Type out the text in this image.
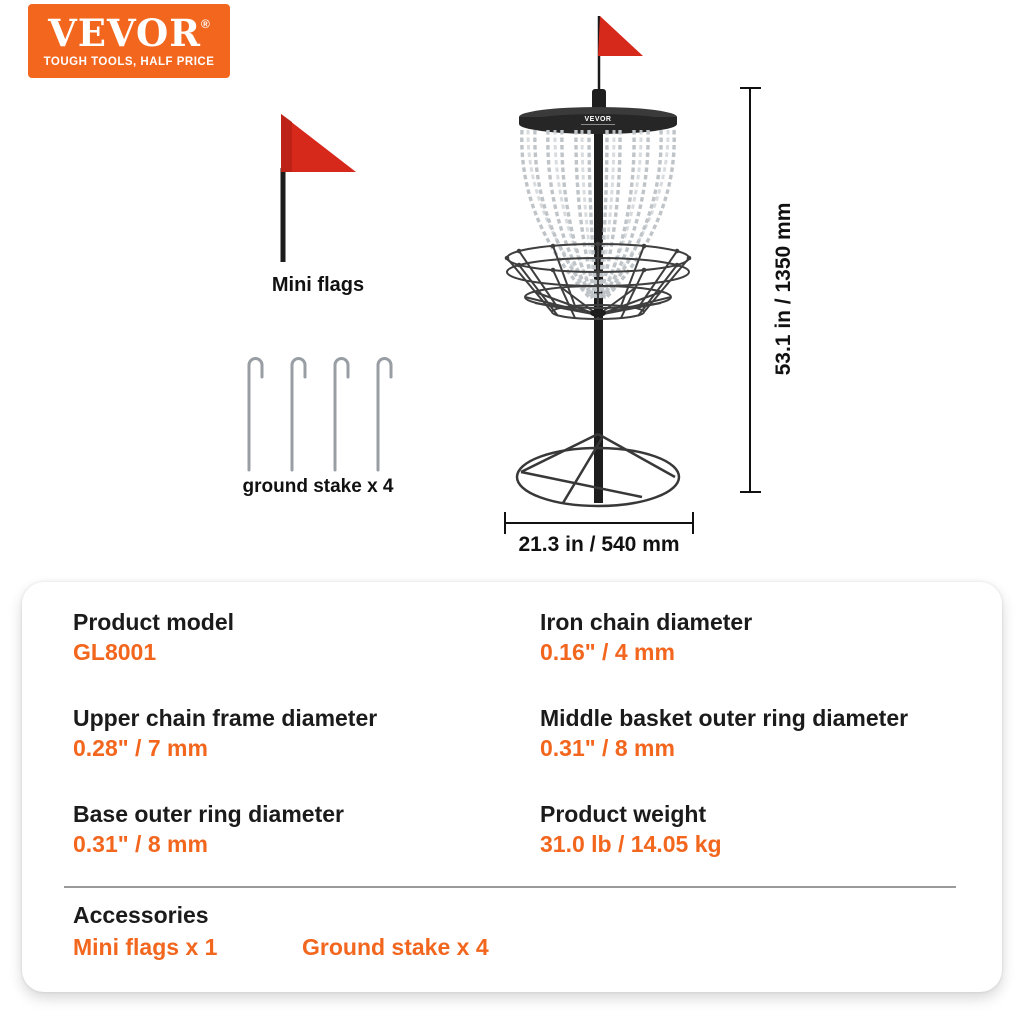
VEVOR®
TOUGH TOOLS, HALF PRICE
VEVOR
Mini flags
ground stake x 4
21.3 in / 540 mm
53.1 in / 1350 mm
Product model
GL8001
Iron chain diameter
0.16" / 4 mm
Upper chain frame diameter
0.28" / 7 mm
Middle basket outer ring diameter
0.31" / 8 mm
Base outer ring diameter
0.31" / 8 mm
Product weight
31.0 lb / 14.05 kg
Accessories
Mini flags x 1	Ground stake x 4
